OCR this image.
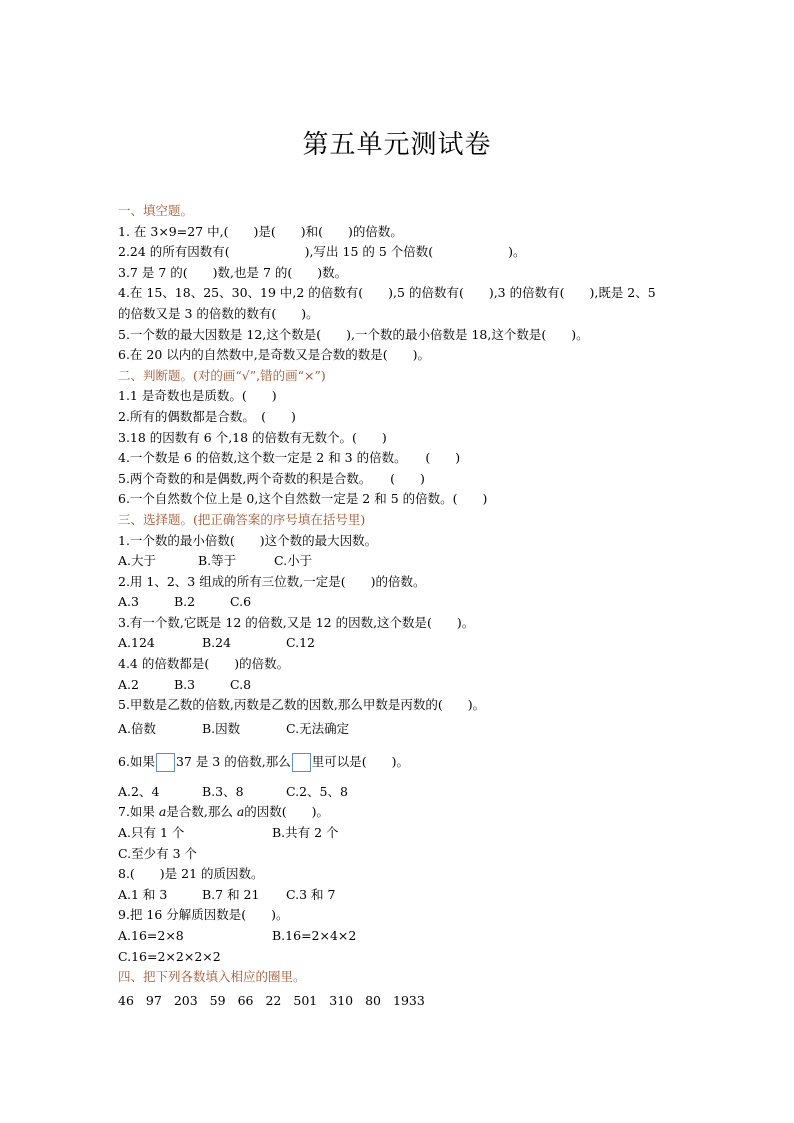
第五单元测试卷
一、填空题。
1. 在 3×9=27 中,(　　)是(　　)和(　　)的倍数。
2.24 的所有因数有(　　　　　　),写出 15 的 5 个倍数(　　　　　　)。
3.7 是 7 的(　　)数,也是 7 的(　　)数。
4.在 15、18、25、30、19 中,2 的倍数有(　　),5 的倍数有(　　),3 的倍数有(　　),既是 2、5
的倍数又是 3 的倍数的数有(　　)。
5.一个数的最大因数是 12,这个数是(　　),一个数的最小倍数是 18,这个数是(　　)。
6.在 20 以内的自然数中,是奇数又是合数的数是(　　)。
二、判断题。(对的画“√”,错的画“×”)
1.1 是奇数也是质数。(　　)
2.所有的偶数都是合数。　(　　)
3.18 的因数有 6 个,18 的倍数有无数个。(　　)
4.一个数是 6 的倍数,这个数一定是 2 和 3 的倍数。　　(　　)
5.两个奇数的和是偶数,两个奇数的积是合数。　　(　　)
6.一个自然数个位上是 0,这个自然数一定是 2 和 5 的倍数。(　　)
三、选择题。(把正确答案的序号填在括号里)
1.一个数的最小倍数(　　)这个数的最大因数。
A.大于	B.等于	C.小于
2.用 1、2、3 组成的所有三位数,一定是(　　)的倍数。
A.3	B.2	C.6
3.有一个数,它既是 12 的倍数,又是 12 的因数,这个数是(　　)。
A.124	B.24	C.12
4.4 的倍数都是(　　)的倍数。
A.2	B.3	C.8
5.甲数是乙数的倍数,丙数是乙数的因数,那么甲数是丙数的(　　)。
A.倍数	B.因数	C.无法确定
6.如果 37 是 3 的倍数,那么 里可以是(　　)。
A.2、4	B.3、8	C.2、5、8
7.如果 a是合数,那么 a的因数(　　)。
A.只有 1 个	B.共有 2 个
C.至少有 3 个
8.(　　)是 21 的质因数。
A.1 和 3	B.7 和 21 C.3 和 7
9.把 16 分解质因数是(　　)。
A.16=2×8	B.16=2×4×2
C.16=2×2×2×2
四、把下列各数填入相应的圈里。
46 97 203 59 66 22 501 310 80 1933
